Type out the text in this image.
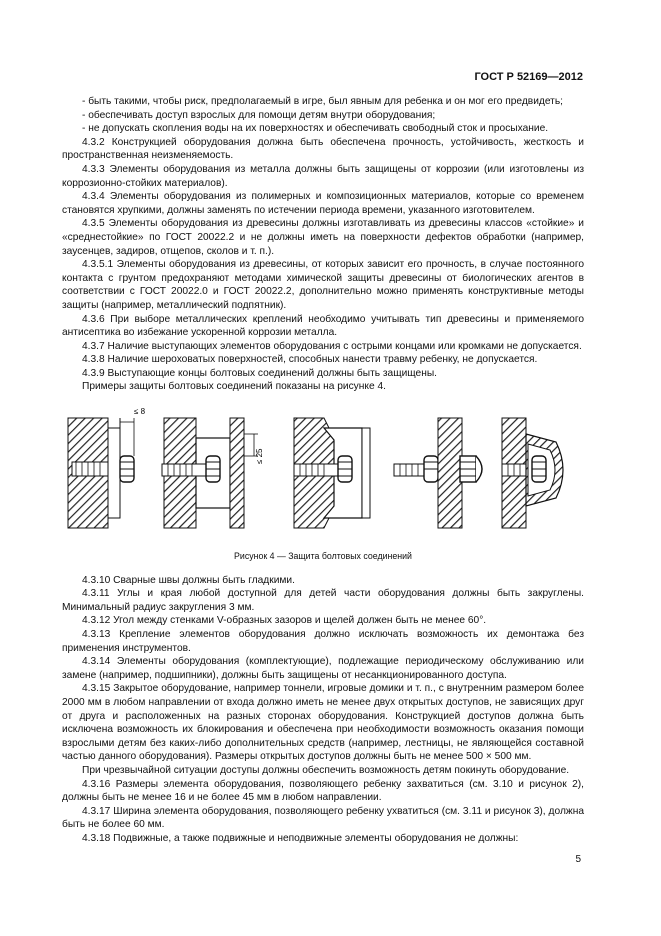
ГОСТ Р 52169—2012

- быть такими, чтобы риск, предполагаемый в игре, был явным для ребенка и он мог его предвидеть;

- обеспечивать доступ взрослых для помощи детям внутри оборудования;

- не допускать скопления воды на их поверхностях и обеспечивать свободный сток и просыхание.

4.3.2 Конструкцией оборудования должна быть обеспечена прочность, устойчивость, жесткость и пространственная неизменяемость.

4.3.3 Элементы оборудования из металла должны быть защищены от коррозии (или изготовлены из коррозионно-стойких материалов).

4.3.4 Элементы оборудования из полимерных и композиционных материалов, которые со временем становятся хрупкими, должны заменять по истечении периода времени, указанного изготовителем.

4.3.5 Элементы оборудования из древесины должны изготавливать из древесины классов «стойкие» и «среднестойкие» по ГОСТ 20022.2 и не должны иметь на поверхности дефектов обработки (например, заусенцев, задиров, отщепов, сколов и т. п.).

4.3.5.1 Элементы оборудования из древесины, от которых зависит его прочность, в случае постоянного контакта с грунтом предохраняют методами химической защиты древесины от биологических агентов в соответствии с ГОСТ 20022.0 и ГОСТ 20022.2, дополнительно можно применять конструктивные методы защиты (например, металлический подпятник).

4.3.6 При выборе металлических креплений необходимо учитывать тип древесины и применяемого антисептика во избежание ускоренной коррозии металла.

4.3.7 Наличие выступающих элементов оборудования с острыми концами или кромками не допускается.

4.3.8 Наличие шероховатых поверхностей, способных нанести травму ребенку, не допускается.

4.3.9 Выступающие концы болтовых соединений должны быть защищены.

Примеры защиты болтовых соединений показаны на рисунке 4.

≤ 8
≤ 25
Рисунок 4 — Защита болтовых соединений

4.3.10 Сварные швы должны быть гладкими.

4.3.11 Углы и края любой доступной для детей части оборудования должны быть закруглены. Минимальный радиус закругления 3 мм.

4.3.12 Угол между стенками V-образных зазоров и щелей должен быть не менее 60°.

4.3.13 Крепление элементов оборудования должно исключать возможность их демонтажа без применения инструментов.

4.3.14 Элементы оборудования (комплектующие), подлежащие периодическому обслуживанию или замене (например, подшипники), должны быть защищены от несанкционированного доступа.

4.3.15 Закрытое оборудование, например тоннели, игровые домики и т. п., с внутренним размером более 2000 мм в любом направлении от входа должно иметь не менее двух открытых доступов, не зависящих друг от друга и расположенных на разных сторонах оборудования. Конструкцией доступов должна быть исключена возможность их блокирования и обеспечена при необходимости возможность оказания помощи взрослыми детям без каких-либо дополнительных средств (например, лестницы, не являющейся составной частью данного оборудования). Размеры открытых доступов должны быть не менее 500 × 500 мм.

При чрезвычайной ситуации доступы должны обеспечить возможность детям покинуть оборудование.

4.3.16 Размеры элемента оборудования, позволяющего ребенку захватиться (см. 3.10 и рисунок 2), должны быть не менее 16 и не более 45 мм в любом направлении.

4.3.17 Ширина элемента оборудования, позволяющего ребенку ухватиться (см. 3.11 и рисунок 3), должна быть не более 60 мм.

4.3.18 Подвижные, а также подвижные и неподвижные элементы оборудования не должны:

5
